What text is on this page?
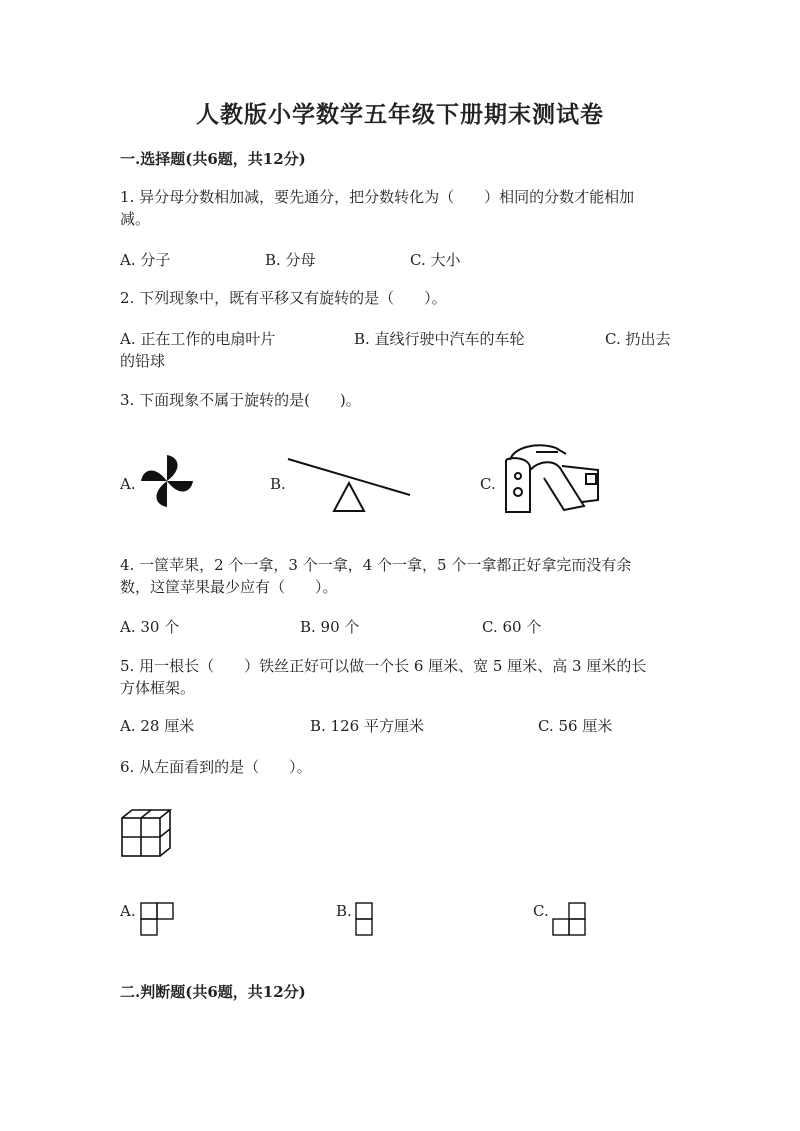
人教版小学数学五年级下册期末测试卷
一.选择题(共6题，共12分)
1. 异分母分数相加减，要先通分，把分数转化为（　　）相同的分数才能相加
减。
A. 分子	B. 分母	C. 大小
2. 下列现象中，既有平移又有旋转的是（　　）。
A. 正在工作的电扇叶片	B. 直线行驶中汽车的车轮	C. 扔出去
的铅球
3. 下面现象不属于旋转的是(　　)。
A.	B.	C.
4. 一筐苹果，2 个一拿，3 个一拿，4 个一拿，5 个一拿都正好拿完而没有余
数，这筐苹果最少应有（　　）。
A. 30 个	B. 90 个	C. 60 个
5. 用一根长（　　）铁丝正好可以做一个长 6 厘米、宽 5 厘米、高 3 厘米的长
方体框架。
A. 28 厘米	B. 126 平方厘米	C. 56 厘米
6. 从左面看到的是（　　）。
A.	B.	C.
二.判断题(共6题，共12分)
